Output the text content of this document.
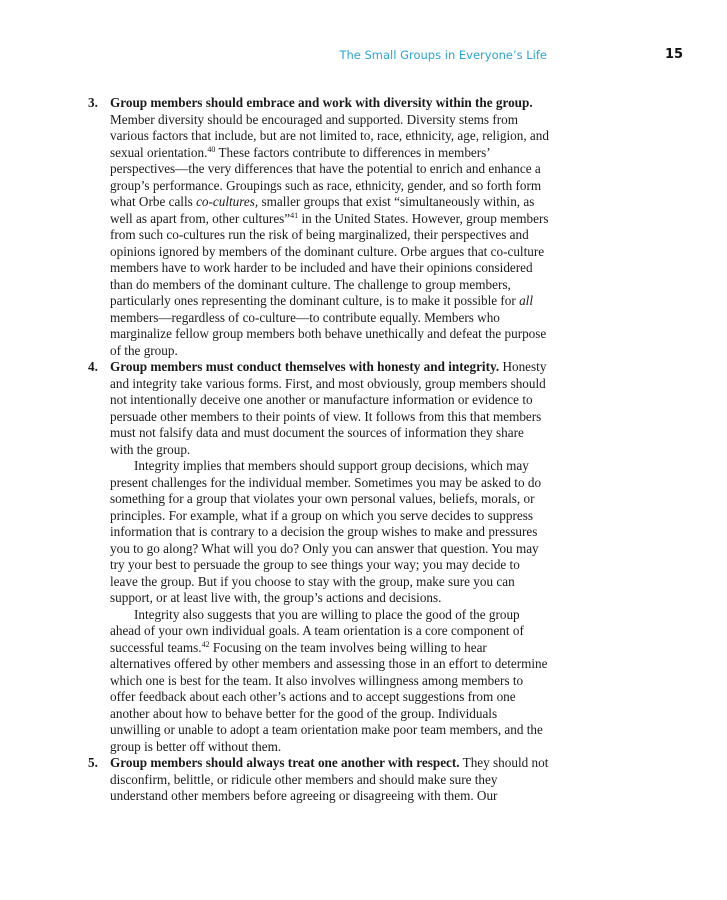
The Small Groups in Everyone’s Life	15
3. Group members should embrace and work with diversity within the group. Member diversity should be encouraged and supported. Diversity stems from various factors that include, but are not limited to, race, ethnicity, age, religion, and sexual orientation.$^{40}$ These factors contribute to differences in members’ perspectives—the very differences that have the potential to enrich and enhance a group’s performance. Groupings such as race, ethnicity, gender, and so forth form what Orbe calls co-cultures, smaller groups that exist “simultaneously within, as well as apart from, other cultures”$^{41}$ in the United States. However, group members from such co-cultures run the risk of being marginalized, their perspectives and opinions ignored by members of the dominant culture. Orbe argues that co-culture members have to work harder to be included and have their opinions considered than do members of the dominant culture. The challenge to group members, particularly ones representing the dominant culture, is to make it possible for all members—regardless of co-culture—to contribute equally. Members who marginalize fellow group members both behave unethically and defeat the purpose of the group.

4. Group members must conduct themselves with honesty and integrity. Honesty and integrity take various forms. First, and most obviously, group members should not intentionally deceive one another or manufacture information or evidence to persuade other members to their points of view. It follows from this that members must not falsify data and must document the sources of information they share with the group.

Integrity implies that members should support group decisions, which may present challenges for the individual member. Sometimes you may be asked to do something for a group that violates your own personal values, beliefs, morals, or principles. For example, what if a group on which you serve decides to suppress information that is contrary to a decision the group wishes to make and pressures you to go along? What will you do? Only you can answer that question. You may try your best to persuade the group to see things your way; you may decide to leave the group. But if you choose to stay with the group, make sure you can support, or at least live with, the group’s actions and decisions.

Integrity also suggests that you are willing to place the good of the group ahead of your own individual goals. A team orientation is a core component of successful teams.$^{42}$ Focusing on the team involves being willing to hear alternatives offered by other members and assessing those in an effort to determine which one is best for the team. It also involves willingness among members to offer feedback about each other’s actions and to accept suggestions from one another about how to behave better for the good of the group. Individuals unwilling or unable to adopt a team orientation make poor team members, and the group is better off without them.

5. Group members should always treat one another with respect. They should not disconfirm, belittle, or ridicule other members and should make sure they understand other members before agreeing or disagreeing with them. Our
